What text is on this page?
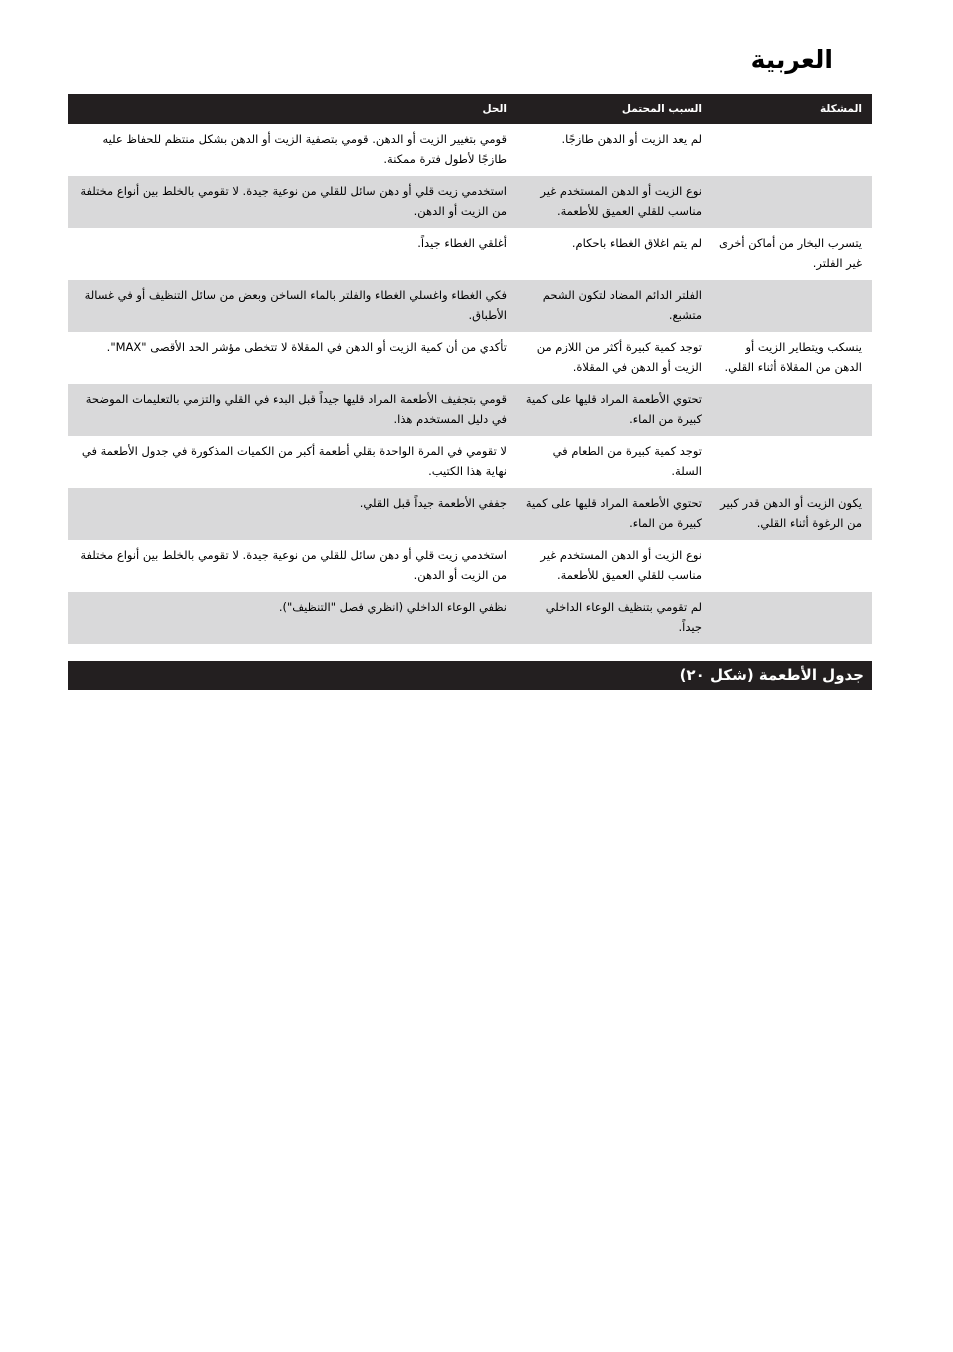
العربية
المشكلة	السبب المحتمل	الحل
	لم يعد الزيت أو الدهن طازجًا.	قومي بتغيير الزيت أو الدهن. قومي بتصفية الزيت أو الدهن بشكل منتظم للحفاظ عليه طازجًا لأطول فترة ممكنة.
	نوع الزيت أو الدهن المستخدم غير مناسب للقلي العميق للأطعمة.	استخدمي زيت قلي أو دهن سائل للقلي من نوعية جيدة. لا تقومي بالخلط بين أنواع مختلفة من الزيت أو الدهن.
يتسرب البخار من أماكن أخرى غير الفلتر.	لم يتم اغلاق الغطاء باحكام.	أغلقي الغطاء جيداً.
	الفلتر الدائم المضاد لتكون الشحم متشبع.	فكي الغطاء واغسلي الغطاء والفلتر بالماء الساخن وبعض من سائل التنظيف أو في غسالة الأطباق.
ينسكب ويتطاير الزيت أو الدهن من المقلاة أثناء القلي.	توجد كمية كبيرة أكثر من اللازم من الزيت أو الدهن في المقلاة.	تأكدي من أن كمية الزيت أو الدهن في المقلاة لا تتخطى مؤشر الحد الأقصى "MAX".
	تحتوي الأطعمة المراد قليها على كمية كبيرة من الماء.	قومي بتجفيف الأطعمة المراد قليها جيداً قبل البدء في القلي والتزمي بالتعليمات الموضحة في دليل المستخدم هذا.
	توجد كمية كبيرة من الطعام في السلة.	لا تقومي في المرة الواحدة بقلي أطعمة أكبر من الكميات المذكورة في جدول الأطعمة في نهاية هذا الكتيب.
يكون الزيت أو الدهن قدر كبير من الرغوة أثناء القلي.	تحتوي الأطعمة المراد قليها على كمية كبيرة من الماء.	جففي الأطعمة جيداً قبل القلي.
	نوع الزيت أو الدهن المستخدم غير مناسب للقلي العميق للأطعمة.	استخدمي زيت قلي أو دهن سائل للقلي من نوعية جيدة. لا تقومي بالخلط بين أنواع مختلفة من الزيت أو الدهن.
	لم تقومي بتنظيف الوعاء الداخلي جيداً.	نظفي الوعاء الداخلي (انظري فصل "التنظيف").
جدول الأطعمة (شكل ٢٠)
